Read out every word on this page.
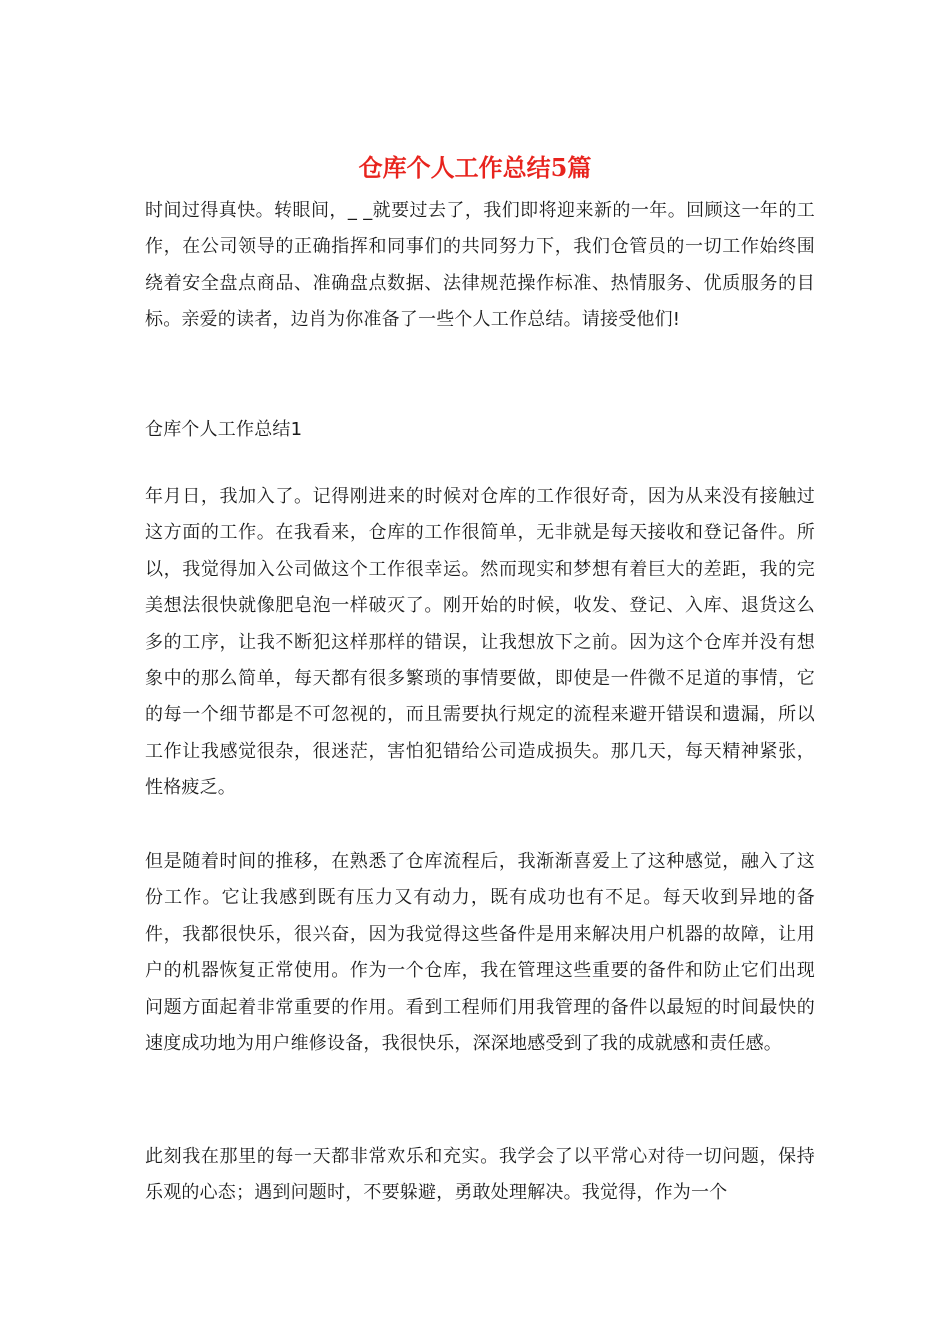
仓库个人工作总结5篇

时间过得真快。转眼间，_ _就要过去了，我们即将迎来新的一年。回顾这一年的工作，在公司领导的正确指挥和同事们的共同努力下，我们仓管员的一切工作始终围绕着安全盘点商品、准确盘点数据、法律规范操作标准、热情服务、优质服务的目标。亲爱的读者，边肖为你准备了一些个人工作总结。请接受他们!

仓库个人工作总结1

年月日，我加入了。记得刚进来的时候对仓库的工作很好奇，因为从来没有接触过这方面的工作。在我看来，仓库的工作很简单，无非就是每天接收和登记备件。所以，我觉得加入公司做这个工作很幸运。然而现实和梦想有着巨大的差距，我的完美想法很快就像肥皂泡一样破灭了。刚开始的时候，收发、登记、入库、退货这么多的工序，让我不断犯这样那样的错误，让我想放下之前。因为这个仓库并没有想象中的那么简单，每天都有很多繁琐的事情要做，即使是一件微不足道的事情，它的每一个细节都是不可忽视的，而且需要执行规定的流程来避开错误和遗漏，所以工作让我感觉很杂，很迷茫，害怕犯错给公司造成损失。那几天，每天精神紧张，性格疲乏。

但是随着时间的推移，在熟悉了仓库流程后，我渐渐喜爱上了这种感觉，融入了这份工作。它让我感到既有压力又有动力，既有成功也有不足。每天收到异地的备件，我都很快乐，很兴奋，因为我觉得这些备件是用来解决用户机器的故障，让用户的机器恢复正常使用。作为一个仓库，我在管理这些重要的备件和防止它们出现问题方面起着非常重要的作用。看到工程师们用我管理的备件以最短的时间最快的速度成功地为用户维修设备，我很快乐，深深地感受到了我的成就感和责任感。

此刻我在那里的每一天都非常欢乐和充实。我学会了以平常心对待一切问题，保持乐观的心态；遇到问题时，不要躲避，勇敢处理解决。我觉得，作为一个
